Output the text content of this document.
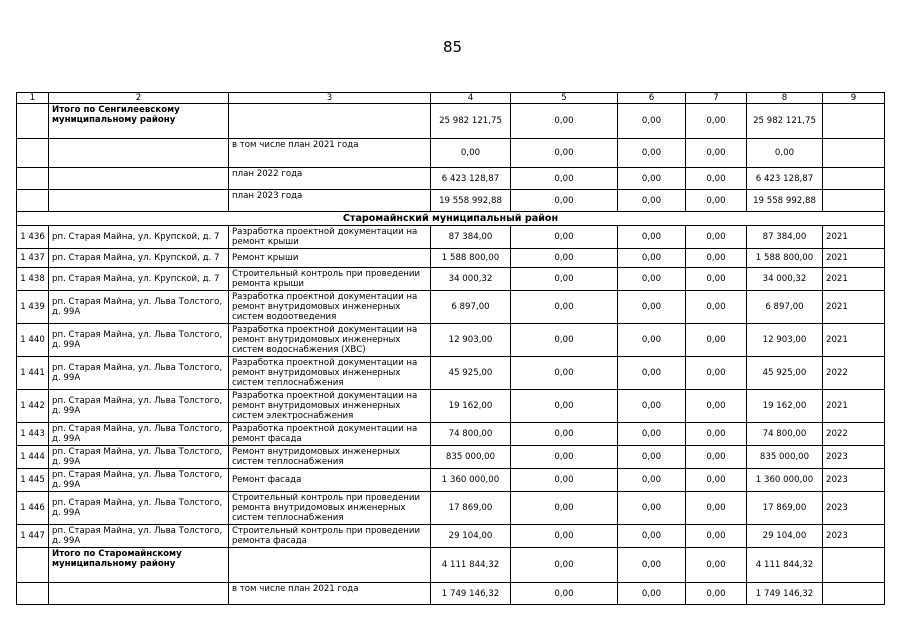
85
1	2	3	4	5	6	7	8	9
	Итого по Сенгилеевскому муниципальному району		25 982 121,75	0,00	0,00	0,00	25 982 121,75	
		в том числе план 2021 года	0,00	0,00	0,00	0,00	0,00	
		план 2022 года	6 423 128,87	0,00	0,00	0,00	6 423 128,87	
		план 2023 года	19 558 992,88	0,00	0,00	0,00	19 558 992,88	
Старомайнский муниципальный район								
1 436	рп. Старая Майна, ул. Крупской, д. 7	Разработка проектной документации на ремонт крыши	87 384,00	0,00	0,00	0,00	87 384,00	2021
1 437	рп. Старая Майна, ул. Крупской, д. 7	Ремонт крыши	1 588 800,00	0,00	0,00	0,00	1 588 800,00	2021
1 438	рп. Старая Майна, ул. Крупской, д. 7	Строительный контроль при проведении ремонта крыши	34 000,32	0,00	0,00	0,00	34 000,32	2021
1 439	рп. Старая Майна, ул. Льва Толстого, д. 99А	Разработка проектной документации на ремонт внутридомовых инженерных систем водоотведения	6 897,00	0,00	0,00	0,00	6 897,00	2021
1 440	рп. Старая Майна, ул. Льва Толстого, д. 99А	Разработка проектной документации на ремонт внутридомовых инженерных систем водоснабжения (ХВС)	12 903,00	0,00	0,00	0,00	12 903,00	2021
1 441	рп. Старая Майна, ул. Льва Толстого, д. 99А	Разработка проектной документации на ремонт внутридомовых инженерных систем теплоснабжения	45 925,00	0,00	0,00	0,00	45 925,00	2022
1 442	рп. Старая Майна, ул. Льва Толстого, д. 99А	Разработка проектной документации на ремонт внутридомовых инженерных систем электроснабжения	19 162,00	0,00	0,00	0,00	19 162,00	2021
1 443	рп. Старая Майна, ул. Льва Толстого, д. 99А	Разработка проектной документации на ремонт фасада	74 800,00	0,00	0,00	0,00	74 800,00	2022
1 444	рп. Старая Майна, ул. Льва Толстого, д. 99А	Ремонт внутридомовых инженерных систем теплоснабжения	835 000,00	0,00	0,00	0,00	835 000,00	2023
1 445	рп. Старая Майна, ул. Льва Толстого, д. 99А	Ремонт фасада	1 360 000,00	0,00	0,00	0,00	1 360 000,00	2023
1 446	рп. Старая Майна, ул. Льва Толстого, д. 99А	Строительный контроль при проведении ремонта внутридомовых инженерных систем теплоснабжения	17 869,00	0,00	0,00	0,00	17 869,00	2023
1 447	рп. Старая Майна, ул. Льва Толстого, д. 99А	Строительный контроль при проведении ремонта фасада	29 104,00	0,00	0,00	0,00	29 104,00	2023
	Итого по Старомайнскому муниципальному району		4 111 844,32	0,00	0,00	0,00	4 111 844,32	
		в том числе план 2021 года	1 749 146,32	0,00	0,00	0,00	1 749 146,32	
